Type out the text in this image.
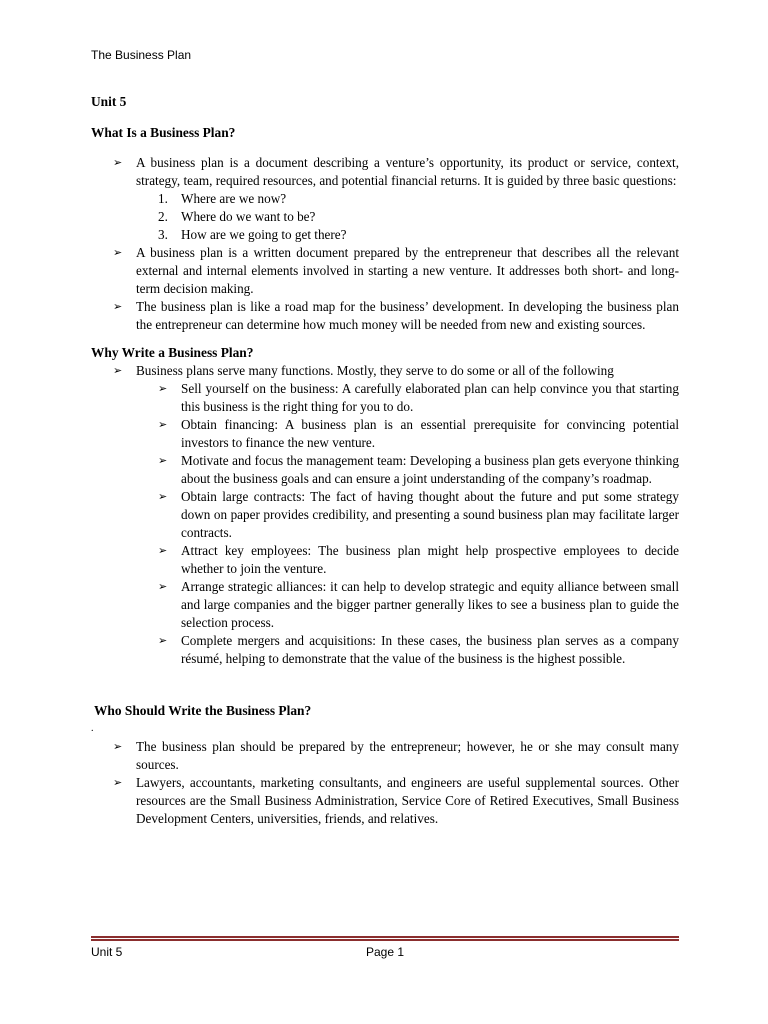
The Business Plan
Unit 5
What Is a Business Plan?
➢ A business plan is a document describing a venture’s opportunity, its product or service, context, strategy, team, required resources, and potential financial returns. It is guided by three basic questions:
1. Where are we now?
2. Where do we want to be?
3. How are we going to get there?
➢ A business plan is a written document prepared by the entrepreneur that describes all the relevant external and internal elements involved in starting a new venture. It addresses both short- and long-term decision making.
➢ The business plan is like a road map for the business’ development. In developing the business plan the entrepreneur can determine how much money will be needed from new and existing sources.
Why Write a Business Plan?
➢ Business plans serve many functions. Mostly, they serve to do some or all of the following
➢ Sell yourself on the business: A carefully elaborated plan can help convince you that starting this business is the right thing for you to do.
➢ Obtain financing: A business plan is an essential prerequisite for convincing potential investors to finance the new venture.
➢ Motivate and focus the management team: Developing a business plan gets everyone thinking about the business goals and can ensure a joint understanding of the company’s roadmap.
➢ Obtain large contracts: The fact of having thought about the future and put some strategy down on paper provides credibility, and presenting a sound business plan may facilitate larger contracts.
➢ Attract key employees: The business plan might help prospective employees to decide whether to join the venture.
➢ Arrange strategic alliances: it can help to develop strategic and equity alliance between small and large companies and the bigger partner generally likes to see a business plan to guide the selection process.
➢ Complete mergers and acquisitions: In these cases, the business plan serves as a company résumé, helping to demonstrate that the value of the business is the highest possible.
Who Should Write the Business Plan?
.
➢ The business plan should be prepared by the entrepreneur; however, he or she may consult many sources.
➢ Lawyers, accountants, marketing consultants, and engineers are useful supplemental sources. Other resources are the Small Business Administration, Service Core of Retired Executives, Small Business Development Centers, universities, friends, and relatives.
Unit 5	Page 1
